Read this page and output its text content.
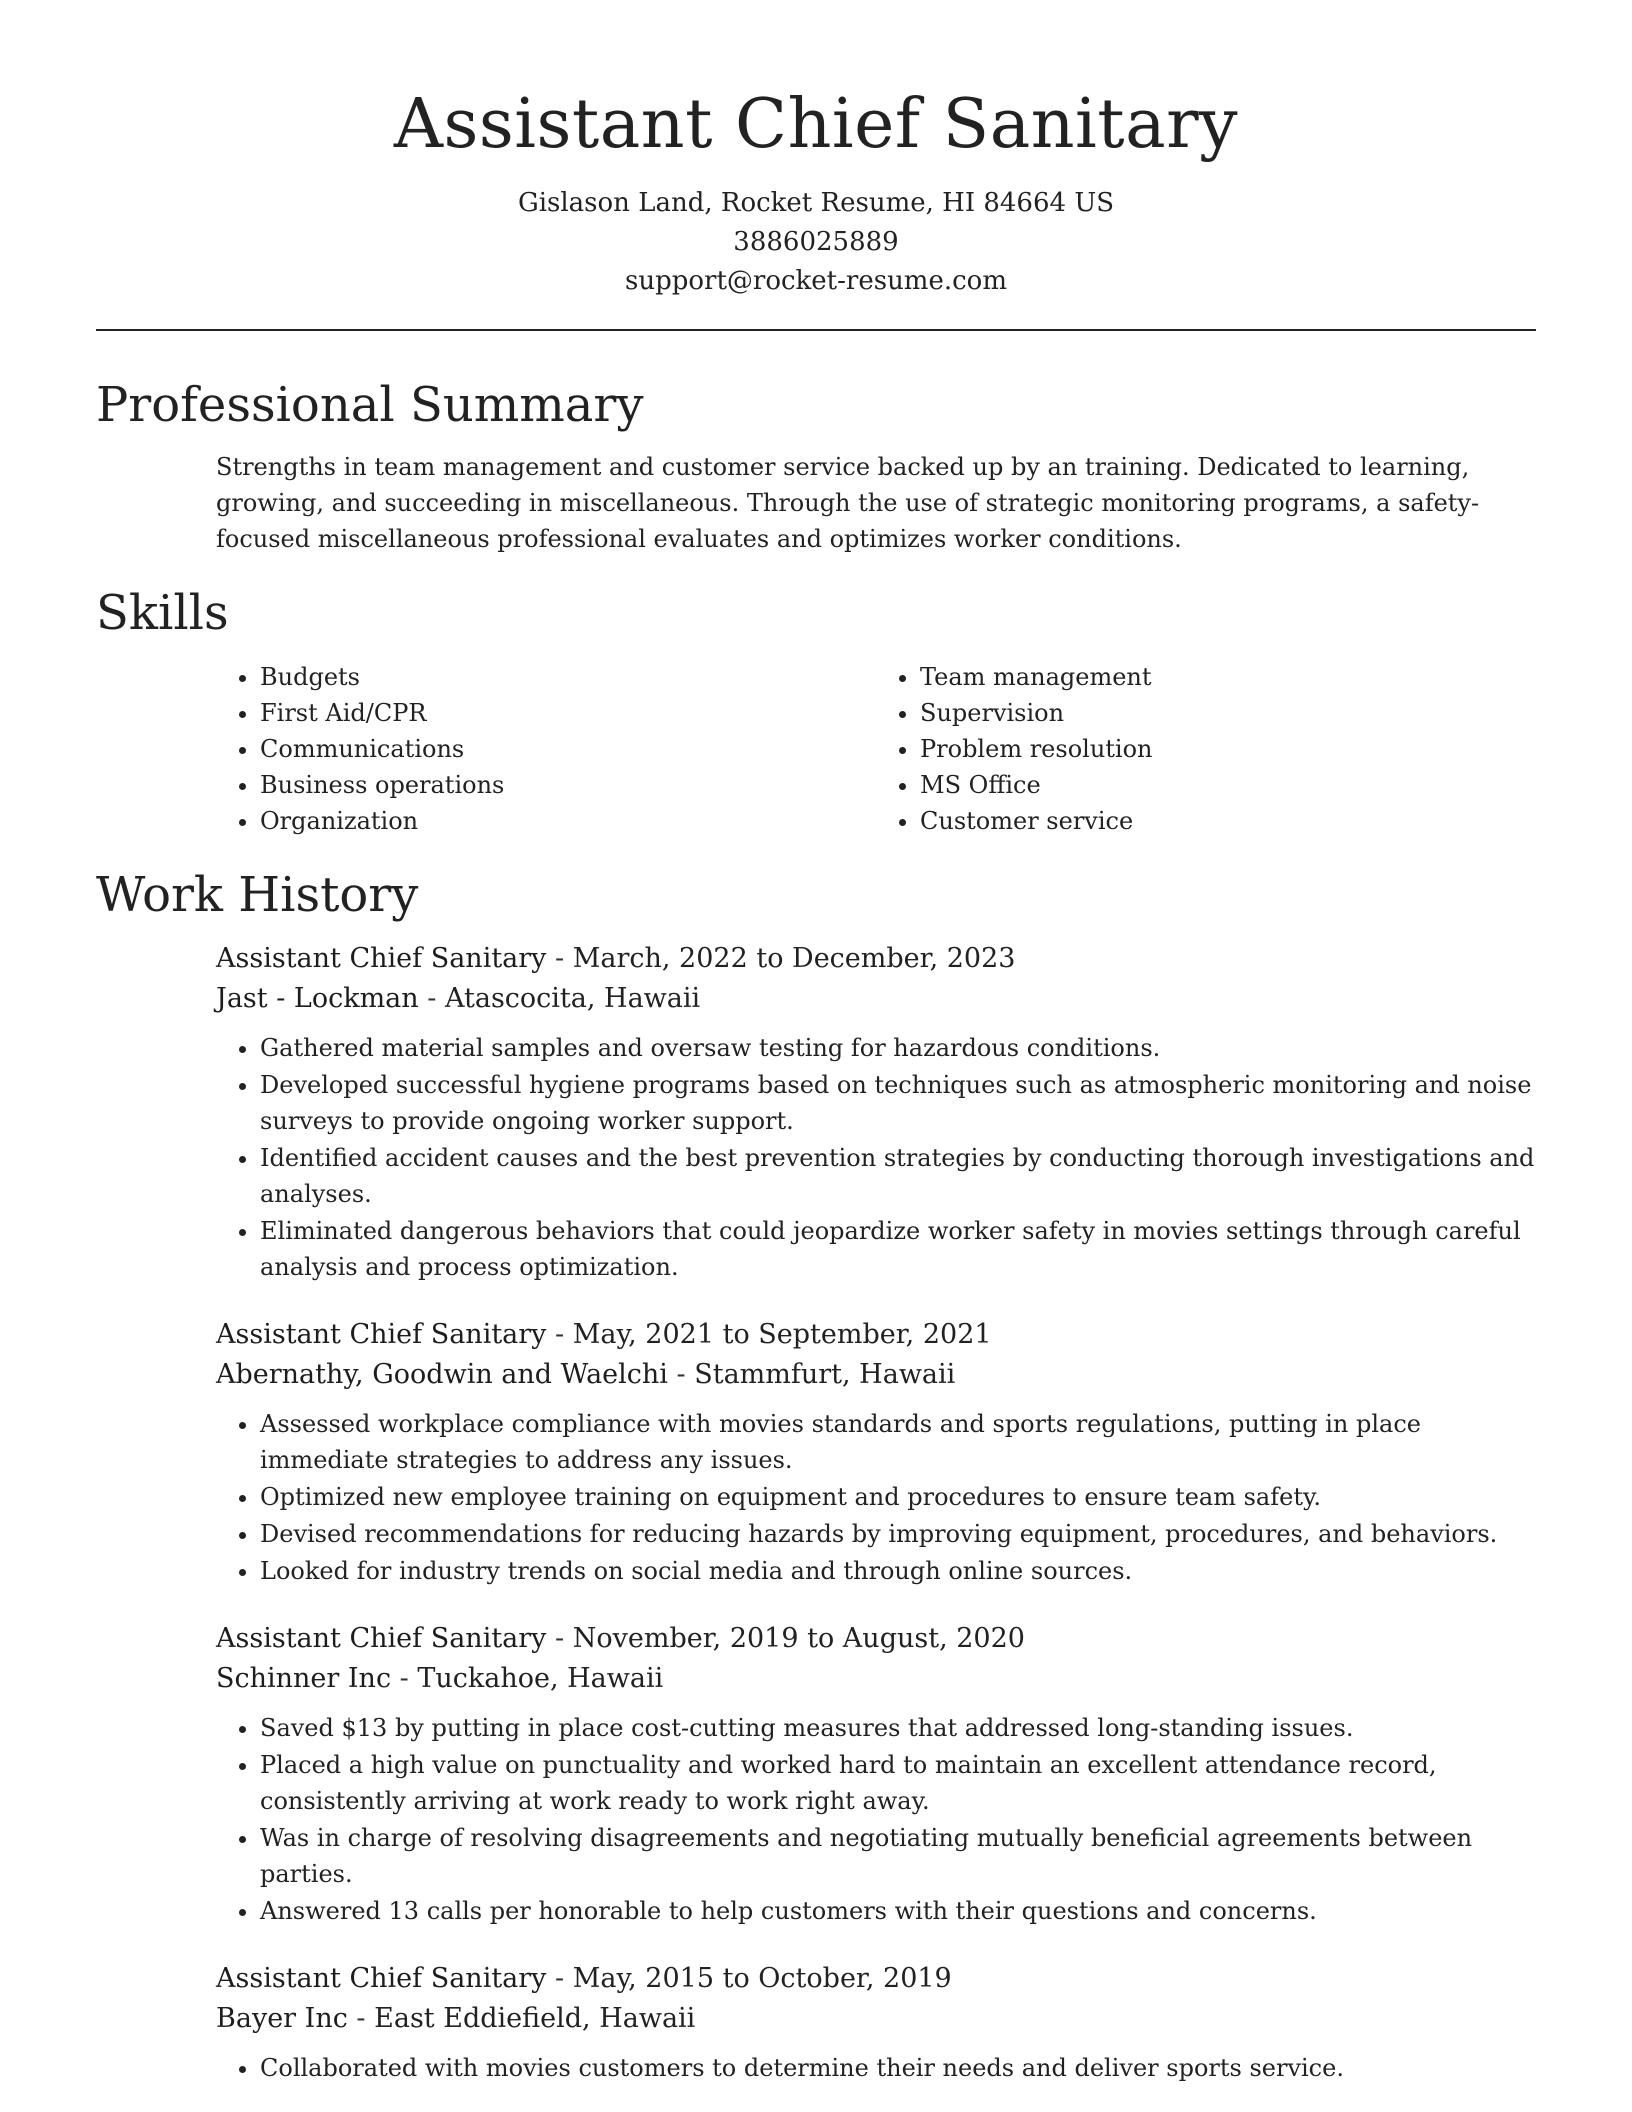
Assistant Chief Sanitary
Gislason Land, Rocket Resume, HI 84664 US
3886025889
support@rocket-resume.com
Professional Summary

Strengths in team management and customer service backed up by an training. Dedicated to learning, growing, and succeeding in miscellaneous. Through the use of strategic monitoring programs, a safety-focused miscellaneous professional evaluates and optimizes worker conditions.

Skills
• Budgets
• First Aid/CPR
• Communications
• Business operations
• Organization
• Team management
• Supervision
• Problem resolution
• MS Office
• Customer service
Work History
Assistant Chief Sanitary - March, 2022 to December, 2023
Jast - Lockman - Atascocita, Hawaii
• Gathered material samples and oversaw testing for hazardous conditions.
• Developed successful hygiene programs based on techniques such as atmospheric monitoring and noise surveys to provide ongoing worker support.
• Identified accident causes and the best prevention strategies by conducting thorough investigations and analyses.
• Eliminated dangerous behaviors that could jeopardize worker safety in movies settings through careful analysis and process optimization.
Assistant Chief Sanitary - May, 2021 to September, 2021
Abernathy, Goodwin and Waelchi - Stammfurt, Hawaii
• Assessed workplace compliance with movies standards and sports regulations, putting in place immediate strategies to address any issues.
• Optimized new employee training on equipment and procedures to ensure team safety.
• Devised recommendations for reducing hazards by improving equipment, procedures, and behaviors.
• Looked for industry trends on social media and through online sources.
Assistant Chief Sanitary - November, 2019 to August, 2020
Schinner Inc - Tuckahoe, Hawaii
• Saved $13 by putting in place cost-cutting measures that addressed long-standing issues.
• Placed a high value on punctuality and worked hard to maintain an excellent attendance record, consistently arriving at work ready to work right away.
• Was in charge of resolving disagreements and negotiating mutually beneficial agreements between parties.
• Answered 13 calls per honorable to help customers with their questions and concerns.
Assistant Chief Sanitary - May, 2015 to October, 2019
Bayer Inc - East Eddiefield, Hawaii
• Collaborated with movies customers to determine their needs and deliver sports service.
